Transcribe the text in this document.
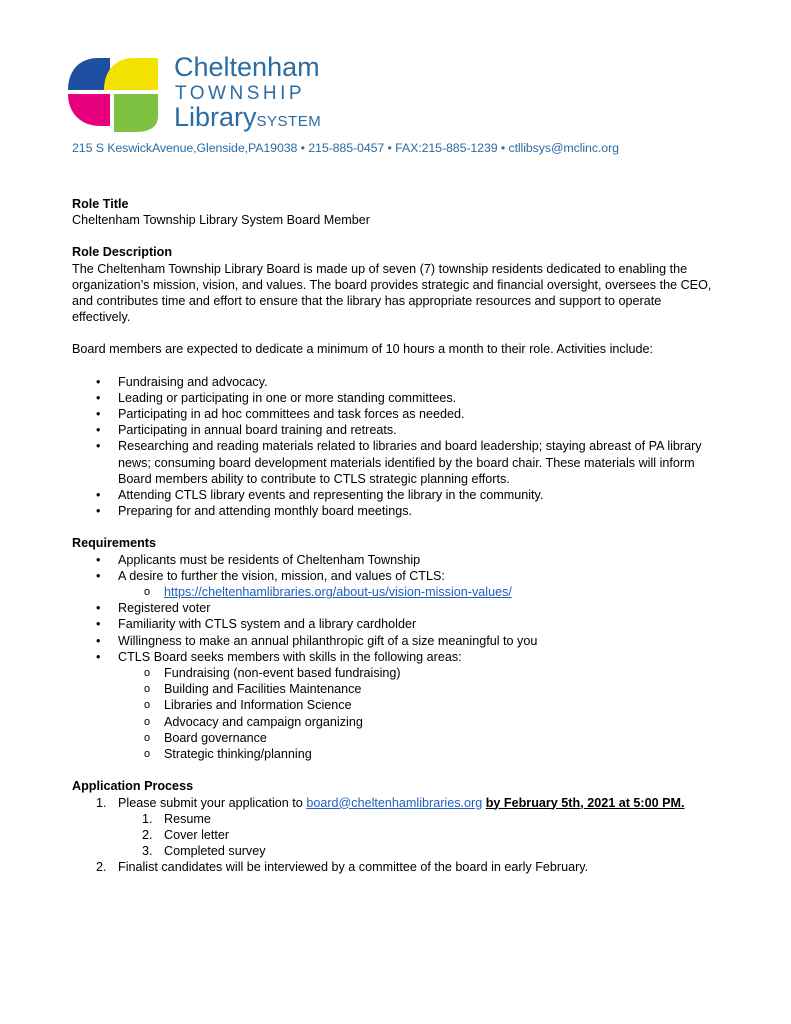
Cheltenham
TOWNSHIP
LibrarySYSTEM
215 S KeswickAvenue,Glenside,PA19038 • 215-885-0457 • FAX:215-885-1239 • ctllibsys@mclinc.org

Role Title

Cheltenham Township Library System Board Member

Role Description

The Cheltenham Township Library Board is made up of seven (7) township residents dedicated to enabling the organization’s mission, vision, and values. The board provides strategic and financial oversight, oversees the CEO, and contributes time and effort to ensure that the library has appropriate resources and support to operate effectively.

Board members are expected to dedicate a minimum of 10 hours a month to their role. Activities include:

• Fundraising and advocacy.
• Leading or participating in one or more standing committees.
• Participating in ad hoc committees and task forces as needed.
• Participating in annual board training and retreats.
• Researching and reading materials related to libraries and board leadership; staying abreast of PA library news; consuming board development materials identified by the board chair. These materials will inform Board members ability to contribute to CTLS strategic planning efforts.
• Attending CTLS library events and representing the library in the community.
• Preparing for and attending monthly board meetings.

Requirements

• Applicants must be residents of Cheltenham Township
• A desire to further the vision, mission, and values of CTLS:
o https://cheltenhamlibraries.org/about-us/vision-mission-values/
• Registered voter
• Familiarity with CTLS system and a library cardholder
• Willingness to make an annual philanthropic gift of a size meaningful to you
• CTLS Board seeks members with skills in the following areas:
o Fundraising (non-event based fundraising)
o Building and Facilities Maintenance
o Libraries and Information Science
o Advocacy and campaign organizing
o Board governance
o Strategic thinking/planning

Application Process

1. Please submit your application to board@cheltenhamlibraries.org by February 5th, 2021 at 5:00 PM.
1. Resume
2. Cover letter
3. Completed survey
2. Finalist candidates will be interviewed by a committee of the board in early February.
